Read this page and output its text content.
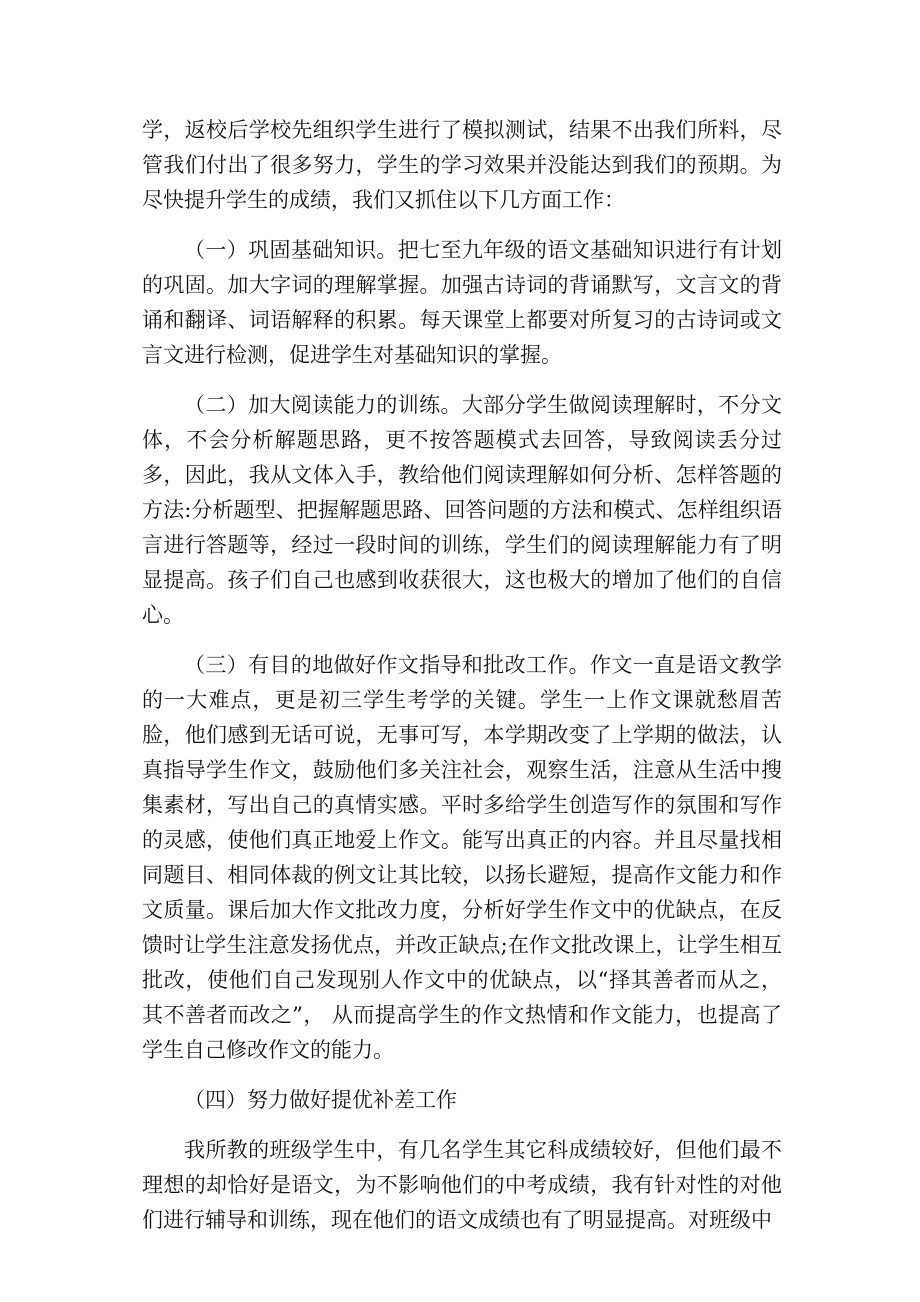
学，返校后学校先组织学生进行了模拟测试，结果不出我们所料，尽管我们付出了很多努力，学生的学习效果并没能达到我们的预期。为尽快提升学生的成绩，我们又抓住以下几方面工作：

（一）巩固基础知识。把七至九年级的语文基础知识进行有计划的巩固。加大字词的理解掌握。加强古诗词的背诵默写，文言文的背诵和翻译、词语解释的积累。每天课堂上都要对所复习的古诗词或文言文进行检测，促进学生对基础知识的掌握。

（二）加大阅读能力的训练。大部分学生做阅读理解时，不分文体，不会分析解题思路，更不按答题模式去回答，导致阅读丢分过多，因此，我从文体入手，教给他们阅读理解如何分析、怎样答题的方法:分析题型、把握解题思路、回答问题的方法和模式、怎样组织语言进行答题等，经过一段时间的训练，学生们的阅读理解能力有了明显提高。孩子们自己也感到收获很大，这也极大的增加了他们的自信心。

（三）有目的地做好作文指导和批改工作。作文一直是语文教学的一大难点，更是初三学生考学的关键。学生一上作文课就愁眉苦脸，他们感到无话可说，无事可写，本学期改变了上学期的做法，认真指导学生作文，鼓励他们多关注社会，观察生活，注意从生活中搜集素材，写出自己的真情实感。平时多给学生创造写作的氛围和写作的灵感，使他们真正地爱上作文。能写出真正的内容。并且尽量找相同题目、相同体裁的例文让其比较，以扬长避短，提高作文能力和作文质量。课后加大作文批改力度，分析好学生作文中的优缺点，在反馈时让学生注意发扬优点，并改正缺点;在作文批改课上，让学生相互批改，使他们自己发现别人作文中的优缺点，以“择其善者而从之，其不善者而改之”， 从而提高学生的作文热情和作文能力，也提高了学生自己修改作文的能力。

（四）努力做好提优补差工作

我所教的班级学生中，有几名学生其它科成绩较好，但他们最不理想的却恰好是语文，为不影响他们的中考成绩，我有针对性的对他们进行辅导和训练，现在他们的语文成绩也有了明显提高。对班级中
